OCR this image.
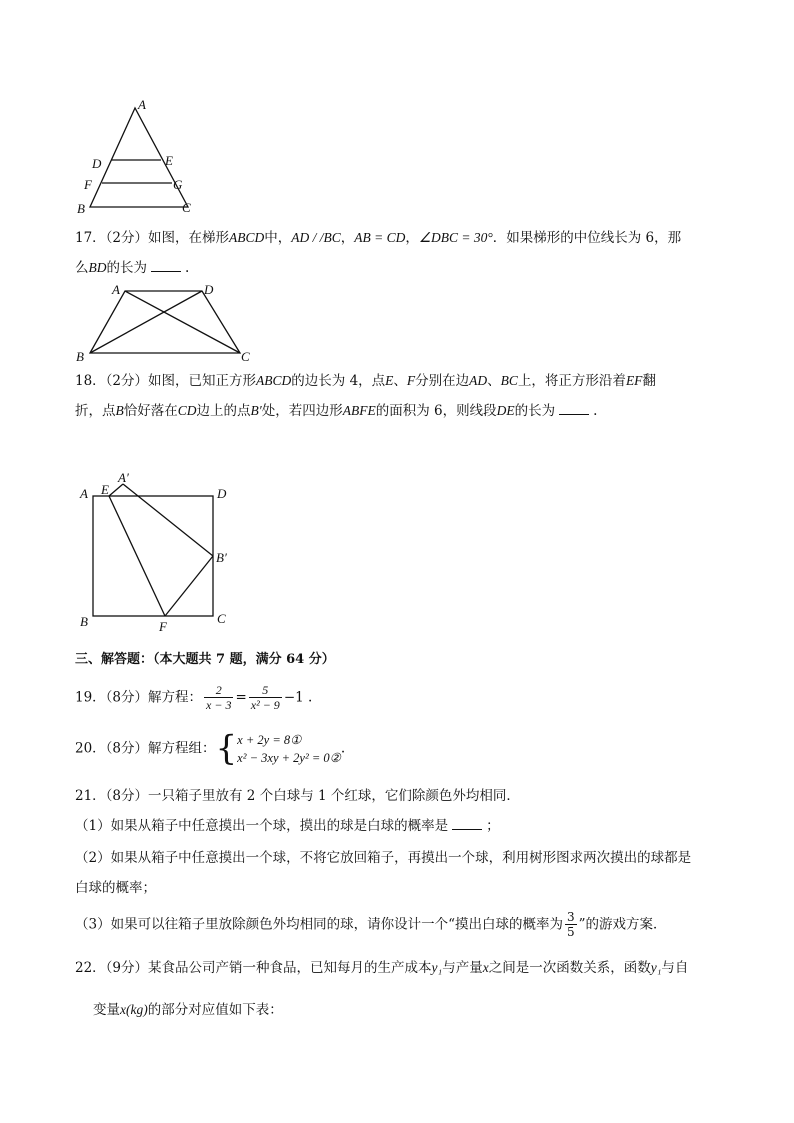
A
D	E
F	G
B	C
17．（2分）如图，在梯形ABCD中，AD / /BC，AB = CD，∠DBC = 30°．如果梯形的中位线长为 6，那
么BD的长为	.
A	D
B	C
18．（2分）如图，已知正方形ABCD的边长为 4，点E、F分别在边AD、BC上，将正方形沿着EF翻
折，点B恰好落在CD边上的点B′处，若四边形ABFE的面积为 6，则线段DE的长为	.
A
A′
E	D
B′
B	F
C
三、解答题：（本大题共 7 题，满分 64 分）
19．（8分）解方程： $\frac{2}{x - 3} = \frac{5}{\text{x² − 9}} -1$ .
20．（8分）解方程组：{ x + 2y = 8①
x² − 3xy + 2y² = 0②
.
21．（8分）一只箱子里放有 2 个白球与 1 个红球，它们除颜色外均相同．
（1）如果从箱子中任意摸出一个球，摸出的球是白球的概率是	；
（2）如果从箱子中任意摸出一个球，不将它放回箱子，再摸出一个球，利用树形图求两次摸出的球都是
白球的概率；
（3）如果可以往箱子里放除颜色外均相同的球，请你设计一个“摸出白球的概率为 $\frac{3}{5}$ ”的游戏方案．
22．（9分）某食品公司产销一种食品，已知每月的生产成本y₁与产量x之间是一次函数关系，函数y₁与自
变量x(kg)的部分对应值如下表：
